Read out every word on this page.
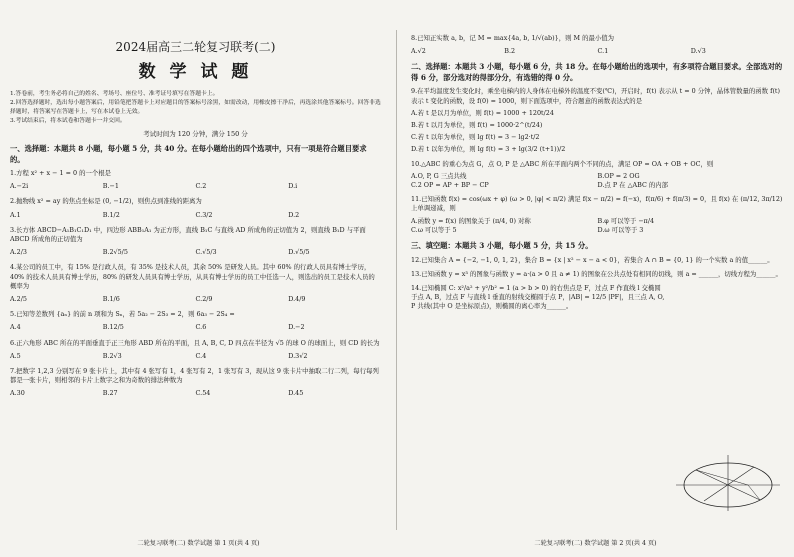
2024届高三二轮复习联考(二)
数 学 试 题
1.答卷前，考生务必将自己的姓名、考场号、座位号、准考证号填写在答题卡上。
2.回答选择题时，选出每小题答案后，用铅笔把答题卡上对应题目的答案标号涂黑，如需改动，用橡皮擦干净后，再选涂其他答案标号。回答非选择题时，将答案写在答题卡上，写在本试卷上无效。
3.考试结束后，将本试卷和答题卡一并交回。
考试时间为 120 分钟，满分 150 分
一、选择题：本题共 8 小题，每小题 5 分，共 40 分。在每小题给出的四个选项中，只有一项是符合题目要求的。
1.方程 x² + x − 1 = 0 的一个根是
A.−2i	B.−1	C.2	D.i
2.抛物线 x² = ay 的焦点坐标是 (0, −1/2)，则焦点到准线的距离为
A.1	B.1/2	C.3/2	D.2
3.长方体 ABCD−A₁B₁C₁D₁ 中，四边形 ABB₁A₁ 为正方形，直线 B₁C 与直线 AD 所成角的正切值为 2，则直线 B₁D 与平面 ABCD 所成角的正切值为
A.2/3	B.2√5/5	C.√5/3	D.√5/5
4.某公司的员工中，有 15% 是行政人员，有 35% 是技术人员，其余 50% 是研发人员。其中 60% 的行政人员具有博士学历，40% 的技术人员具有博士学历，80% 的研发人员具有博士学历，从具有博士学历的员工中任选一人，则选出的员工是技术人员的概率为
A.2/5	B.1/6	C.2/9	D.4/9
5.已知等差数列 {aₙ} 的前 n 项和为 Sₙ，若 5a₂ − 2S₃ = 2，则 6a₃ − 2S₄ =
A.4	B.12/5	C.6	D.−2
6.正六角形 ABC 所在的平面垂直于正三角形 ABD 所在的平面，且 A, B, C, D 四点在半径为 √5 的球 O 的球面上，则 CD 的长为
A.5	B.2√3	C.4	D.3√2
7.把数字 1,2,3 分别写在 9 张卡片上，其中有 4 张写有 1，4 张写有 2，1 张写有 3，现从这 9 张卡片中抽取二行二列，每行每列都是一张卡片，则相邻的卡片上数字之和为奇数的排法种数为
A.30	B.27	C.54	D.45
二轮复习联考(二) 数学试题 第 1 页(共 4 页)
8.已知正实数 a, b，记 M = max{4a, b, 1/√(ab)}，则 M 的最小值为
A.√2	B.2	C.1	D.√3
二、选择题：本题共 3 小题，每小题 6 分，共 18 分。在每小题给出的选项中，有多项符合题目要求。全部选对的得 6 分，部分选对的得部分分，有选错的得 0 分。
9.在平均温度发生变化时，乘坐电梯内的人身体在电梯外的温度不变(℃)，开启时，f(t) 表示从 t = 0 分钟，晶体管数量的函数 f(t) 表示 t 变化的函数，设 f(0) = 1000，则下面选项中，符合题意的函数表达式的是
A.若 t 是以月为单位，则 f(t) = 1000 + 120t/24
B.若 t 以月为单位，则 f(t) = 1000·2^(t/24)
C.若 t 以年为单位，则 lg f(t) = 3 − lg2·t/2
D.若 t 以年为单位，则 lg f(t) = 3 + lg(3/2 (t+1))/2
10.△ABC 的重心为点 G，点 O, P 是 △ABC 所在平面内两个不同的点，满足 OP = OA + OB + OC，则
A.O, P, G 三点共线	B.OP = 2 OG
C.2 OP = AP + BP − CP	D.点 P 在 △ABC 的内部
11.已知函数 f(x) = cos(ωx + φ) (ω > 0, |φ| < π/2) 满足 f(x − π/2) = f(−x)，f(π/6) + f(π/3) = 0，且 f(x) 在 (π/12, 3π/12) 上单调递减，则
A.函数 y = f(x) 的图象关于 (π/4, 0) 对称	B.φ 可以等于 −π/4
C.ω 可以等于 5	D.ω 可以等于 3
三、填空题：本题共 3 小题，每小题 5 分，共 15 分。
12.已知集合 A = {−2, −1, 0, 1, 2}，集合 B = {x | x² − x − a < 0}，若集合 A ∩ B = {0, 1} 的一个实数 a 的值______。
13.已知函数 y = x³ 的图象与函数 y = a·(a > 0 且 a ≠ 1) 的图象在公共点处有相同的切线，则 a = ______，切线方程为______。
14.已知椭圆 C: x²/a² + y²/b² = 1 (a > b > 0) 的右焦点是 F，过点 F 作直线 l 交椭圆于点 A, B，过点 F 与直线 l 垂直的射线交椭圆于点 P，|AB| = 12/5 |PF|，且三点 A, O, P 共线(其中 O 是坐标原点)，则椭圆的离心率为______。
二轮复习联考(二) 数学试题 第 2 页(共 4 页)
